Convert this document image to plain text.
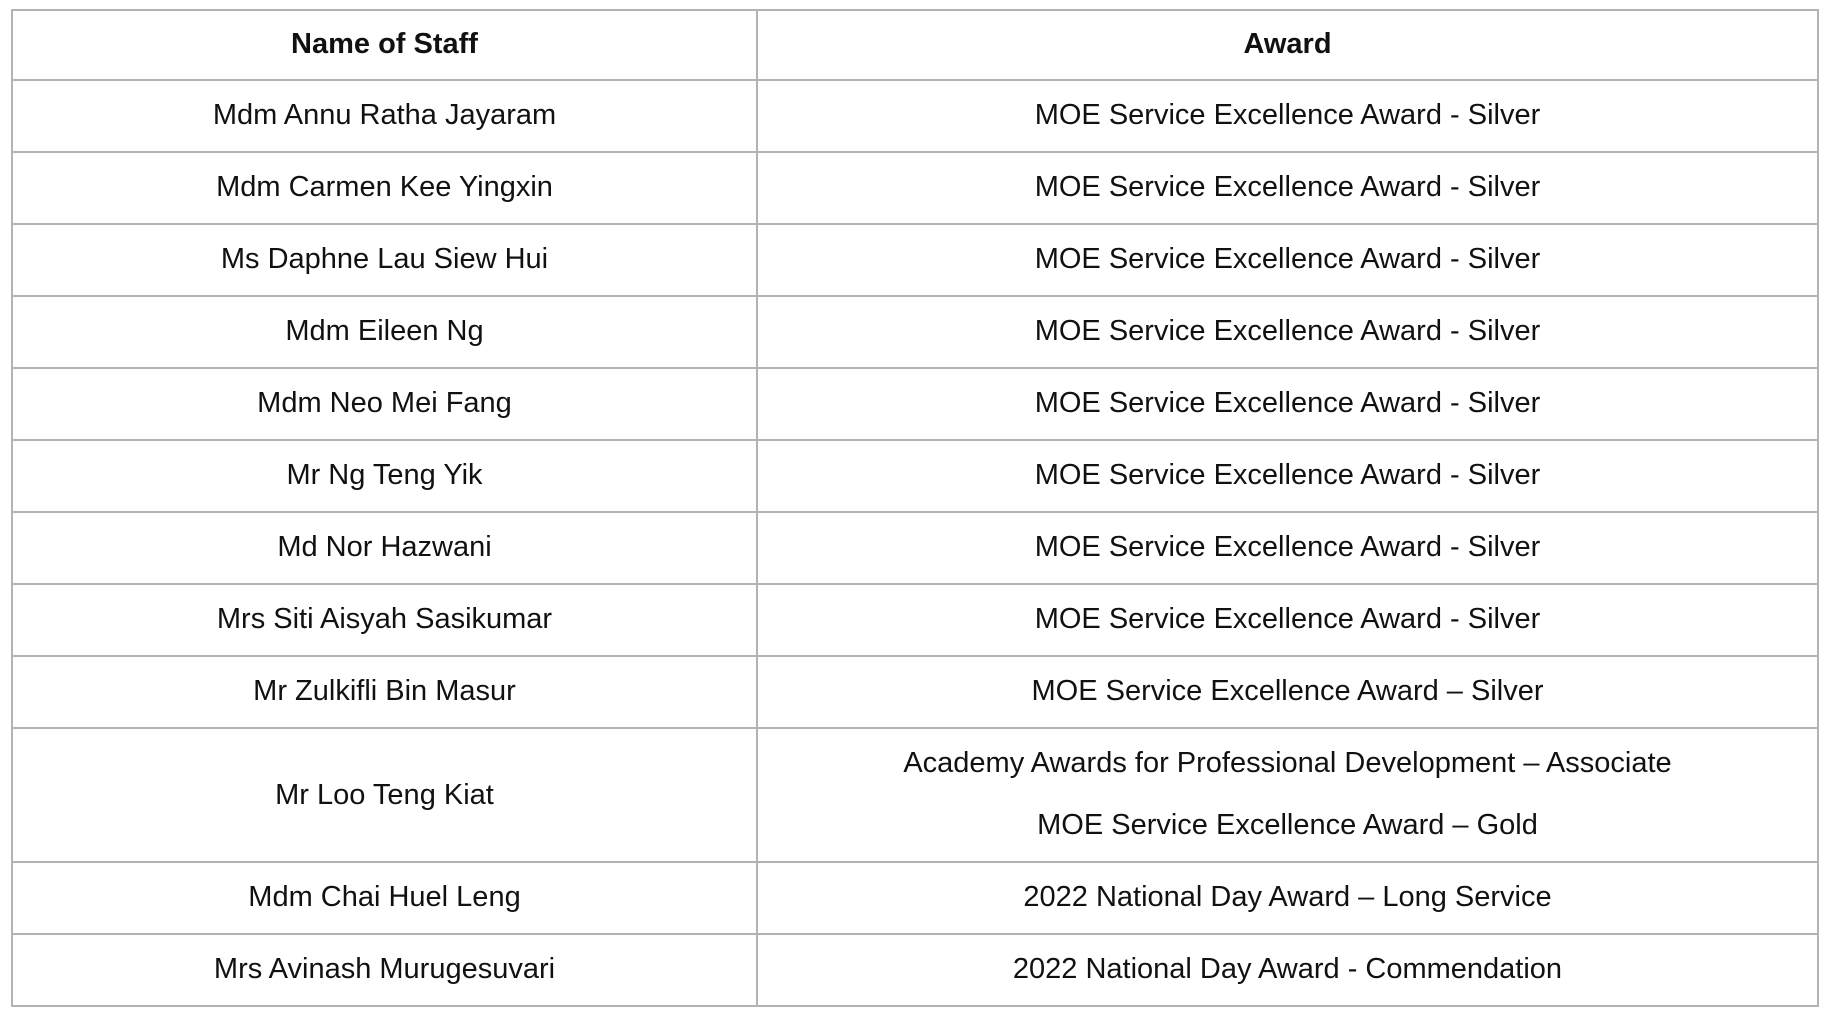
Name of Staff	Award
Mdm Annu Ratha Jayaram	MOE Service Excellence Award - Silver
Mdm Carmen Kee Yingxin	MOE Service Excellence Award - Silver
Ms Daphne Lau Siew Hui	MOE Service Excellence Award - Silver
Mdm Eileen Ng	MOE Service Excellence Award - Silver
Mdm Neo Mei Fang	MOE Service Excellence Award - Silver
Mr Ng Teng Yik	MOE Service Excellence Award - Silver
Md Nor Hazwani	MOE Service Excellence Award - Silver
Mrs Siti Aisyah Sasikumar	MOE Service Excellence Award - Silver
Mr Zulkifli Bin Masur	MOE Service Excellence Award – Silver
Mr Loo Teng Kiat	Academy Awards for Professional Development – Associate
MOE Service Excellence Award – Gold

Mdm Chai Huel Leng	2022 National Day Award – Long Service
Mrs Avinash Murugesuvari	2022 National Day Award - Commendation
